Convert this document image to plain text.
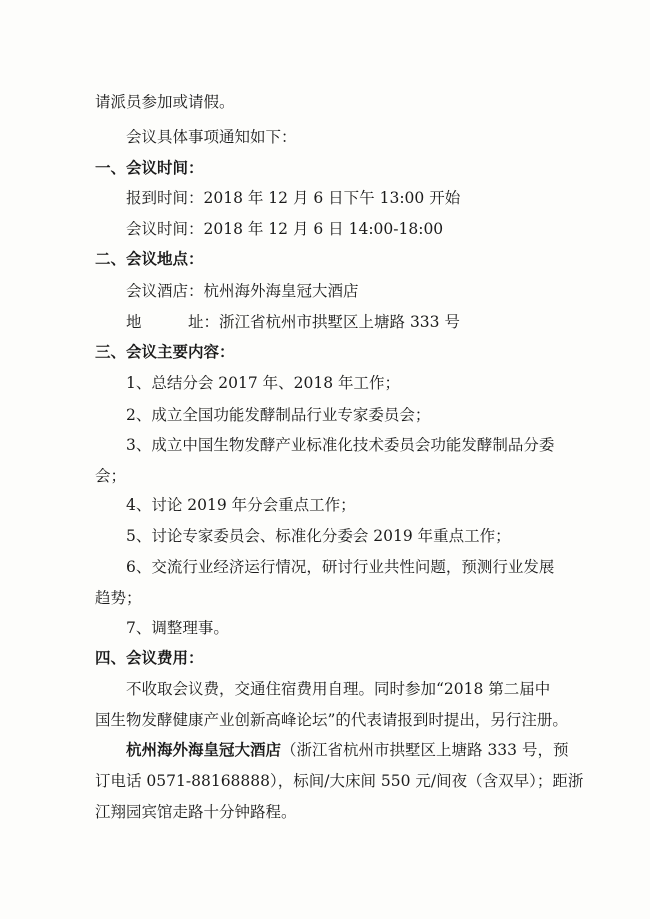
请派员参加或请假。
会议具体事项通知如下：
一、会议时间：
报到时间：2018 年 12 月 6 日下午 13:00 开始
会议时间：2018 年 12 月 6 日 14:00-18:00
二、会议地点：
会议酒店：杭州海外海皇冠大酒店
地	址：浙江省杭州市拱墅区上塘路 333 号
三、会议主要内容：
1、总结分会 2017 年、2018 年工作；
2、成立全国功能发酵制品行业专家委员会；
3、成立中国生物发酵产业标准化技术委员会功能发酵制品分委
会；
4、讨论 2019 年分会重点工作；
5、讨论专家委员会、标准化分委会 2019 年重点工作；
6、交流行业经济运行情况，研讨行业共性问题，预测行业发展
趋势；
7、调整理事。
四、会议费用：
不收取会议费，交通住宿费用自理。同时参加“2018 第二届中
国生物发酵健康产业创新高峰论坛”的代表请报到时提出，另行注册。
杭州海外海皇冠大酒店（浙江省杭州市拱墅区上塘路 333 号，预
订电话 0571-88168888），标间/大床间 550 元/间夜（含双早）；距浙
江翔园宾馆走路十分钟路程。
